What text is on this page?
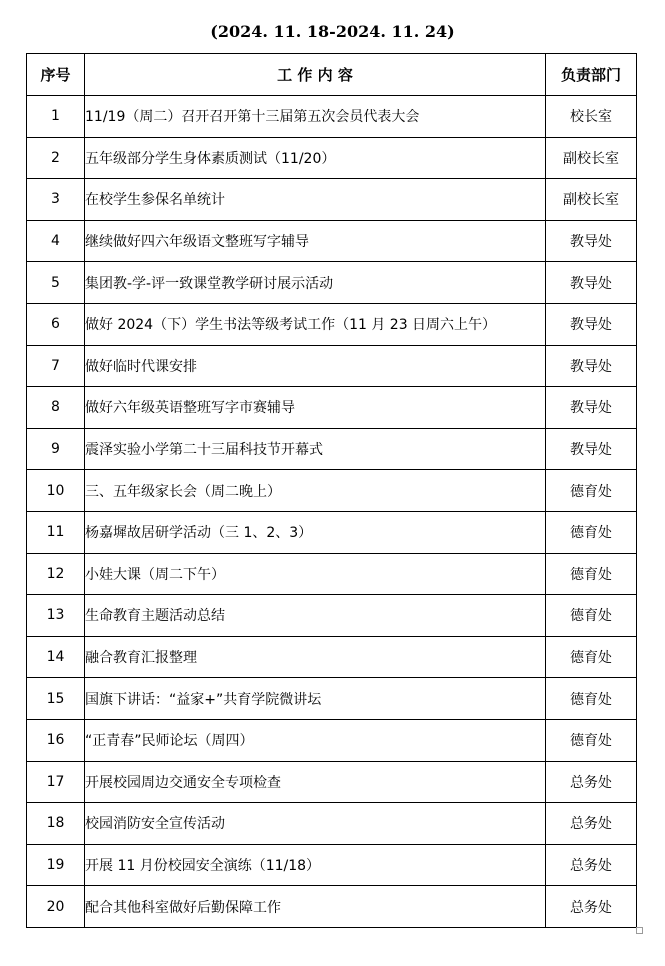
(2024. 11. 18-2024. 11. 24)
序号	工 作 内 容	负责部门
1	11/19（周二）召开召开第十三届第五次会员代表大会	校长室
2	五年级部分学生身体素质测试（11/20）	副校长室
3	在校学生参保名单统计	副校长室
4	继续做好四六年级语文整班写字辅导	教导处
5	集团教-学-评一致课堂教学研讨展示活动	教导处
6	做好 2024（下）学生书法等级考试工作（11 月 23 日周六上午）	教导处
7	做好临时代课安排	教导处
8	做好六年级英语整班写字市赛辅导	教导处
9	震泽实验小学第二十三届科技节开幕式	教导处
10	三、五年级家长会（周二晚上）	德育处
11	杨嘉墀故居研学活动（三 1、2、3）	德育处
12	小娃大课（周二下午）	德育处
13	生命教育主题活动总结	德育处
14	融合教育汇报整理	德育处
15	国旗下讲话：“益家+”共育学院微讲坛	德育处
16	“正青春”民师论坛（周四）	德育处
17	开展校园周边交通安全专项检查	总务处
18	校园消防安全宣传活动	总务处
19	开展 11 月份校园安全演练（11/18）	总务处
20	配合其他科室做好后勤保障工作	总务处
